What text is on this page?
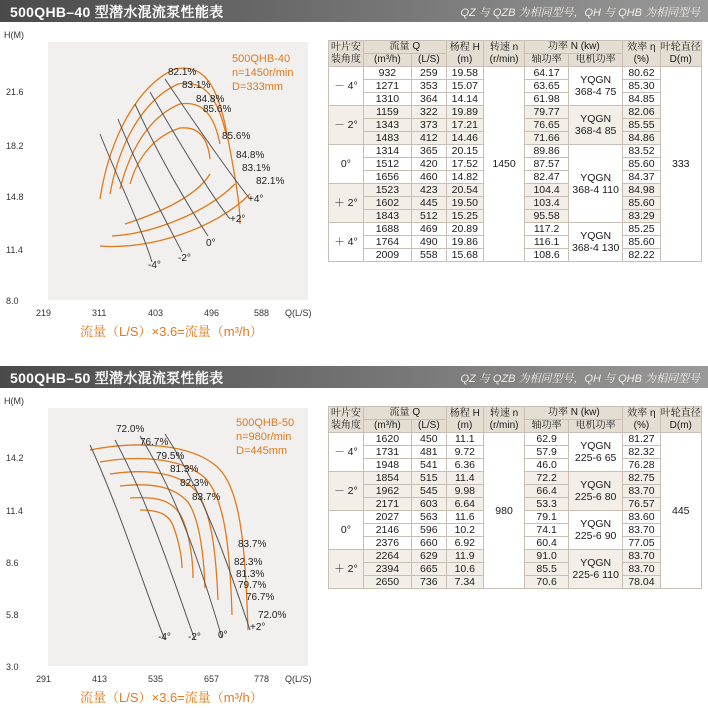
500QHB–40 型潜水混流泵性能表	QZ 与 QZB 为相同型号，QH 与 QHB 为相同型号
H(M)
21.6
18.2
14.8
11.4
8.0
219	311	403	496	588 Q(L/S)
500QHB-40
n=1450r/min
D=333mm
82.1%
83.1%
84.8%
85.6%
85.6%
84.8%
83.1%
82.1%
+4°
+2°
0°
-2°
-4°
流量（L/S）×3.6=流量（m³/h）
叶片安装角度	流量 Q		杨程 H (m)	转速 n (r/min)	功率 N (kw)		效率 η (%)	叶轮直径 D(m)
	(m³/h)	(L/S)			轴功率	电机功率		
－ 4°	932	259	19.58	1450	64.17	YQGN 368-4 75	80.62	333
	1271	353	15.07		63.65		85.30	
	1310	364	14.14		61.98		84.85	
－ 2°	1159	322	19.89		79.77	YQGN 368-4 85	82.06	
	1343	373	17.21		76.65		85.55	
	1483	412	14.46		71.66		84.86	
0°	1314	365	20.15		89.86	YQGN 368-4 110	83.52	
	1512	420	17.52		87.57		85.60	
	1656	460	14.82		82.47		84.37	
＋ 2°	1523	423	20.54		104.4		84.98	
	1602	445	19.50		103.4		85.60	
	1843	512	15.25		95.58		83.29	
＋ 4°	1688	469	20.89		117.2	YQGN 368-4 130	85.25	
	1764	490	19.86		116.1		85.60	
	2009	558	15.68		108.6		82.22	
500QHB–50 型潜水混流泵性能表	QZ 与 QZB 为相同型号，QH 与 QHB 为相同型号
H(M)
14.2
11.4
8.6
5.8
3.0
291	413	535	657	778 Q(L/S)
500QHB-50
n=980r/min
D=445mm
72.0%
76.7%
79.5%
81.3%
82.3%
83.7%
83.7%
82.3%
81.3%
79.7%
76.7%
72.0%
-4° -2° 0°
+2°
流量（L/S）×3.6=流量（m³/h）
叶片安装角度	流量 Q		杨程 H (m)	转速 n (r/min)	功率 N (kw)		效率 η (%)	叶轮直径 D(m)
	(m³/h)	(L/S)			轴功率	电机功率		
－ 4°	1620	450	11.1	980	62.9	YQGN 225-6 65	81.27	445
	1731	481	9.72		57.9		82.32	
	1948	541	6.36		46.0		76.28	
－ 2°	1854	515	11.4		72.2	YQGN 225-6 80	82.75	
	1962	545	9.98		66.4		83.70	
	2171	603	6.64		53.3		76.57	
0°	2027	563	11.6		79.1	YQGN 225-6 90	83.60	
	2146	596	10.2		74.1		83.70	
	2376	660	6.92		60.4		77.05	
＋ 2°	2264	629	11.9		91.0	YQGN 225-6 110	83.70	
	2394	665	10.6		85.5		83.70	
	2650	736	7.34		70.6		78.04	
